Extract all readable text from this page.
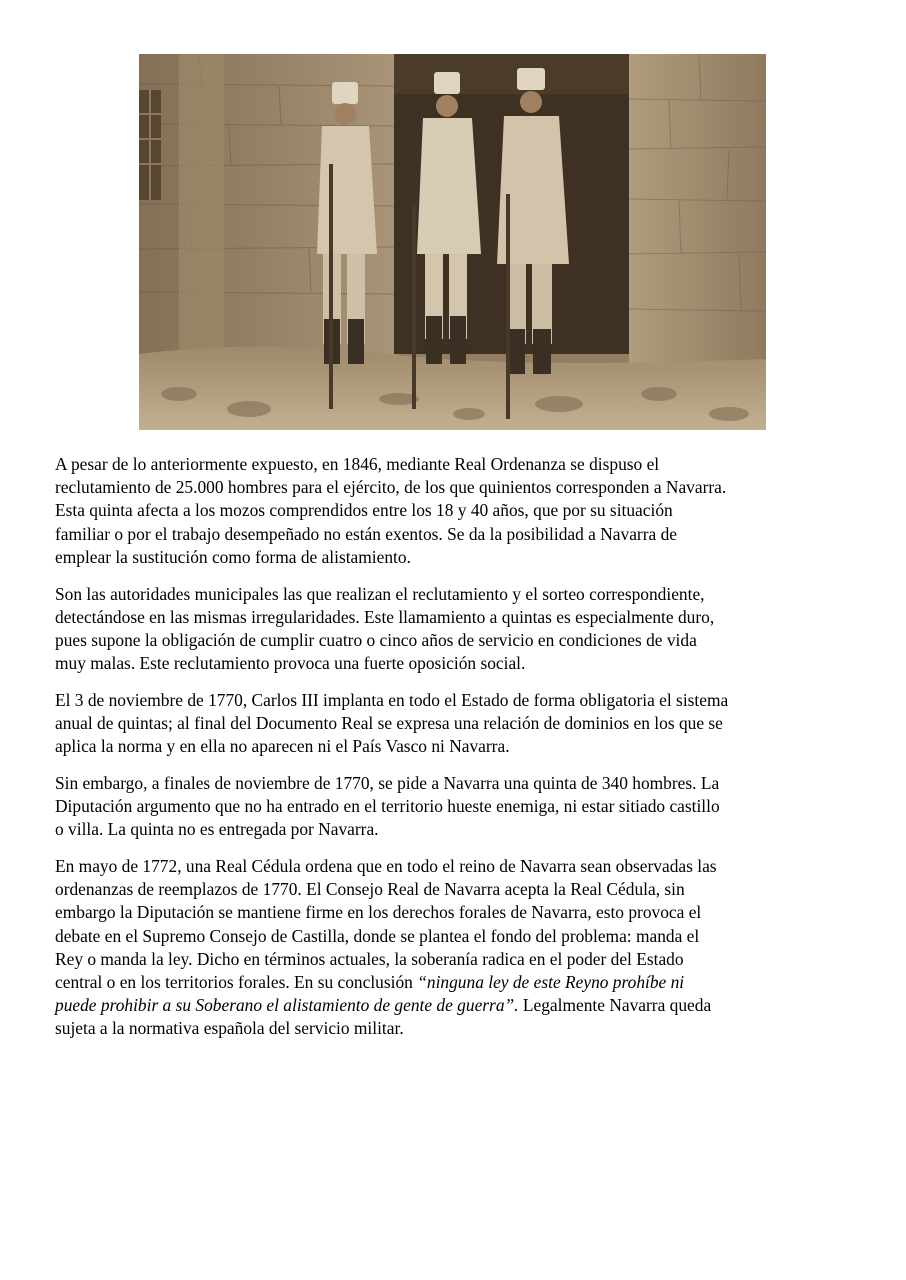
A pesar de lo anteriormente expuesto, en 1846, mediante Real Ordenanza se dispuso el
reclutamiento de 25.000 hombres para el ejército, de los que quinientos corresponden a Navarra.
Esta quinta afecta a los mozos comprendidos entre los 18 y 40 años, que por su situación
familiar o por el trabajo desempeñado no están exentos. Se da la posibilidad a Navarra de
emplear la sustitución como forma de alistamiento.

Son las autoridades municipales las que realizan el reclutamiento y el sorteo correspondiente,
detectándose en las mismas irregularidades. Este llamamiento a quintas es especialmente duro,
pues supone la obligación de cumplir cuatro o cinco años de servicio en condiciones de vida
muy malas. Este reclutamiento provoca una fuerte oposición social.

El 3 de noviembre de 1770, Carlos III implanta en todo el Estado de forma obligatoria el sistema
anual de quintas; al final del Documento Real se expresa una relación de dominios en los que se
aplica la norma y en ella no aparecen ni el País Vasco ni Navarra.

Sin embargo, a finales de noviembre de 1770, se pide a Navarra una quinta de 340 hombres. La
Diputación argumento que no ha entrado en el territorio hueste enemiga, ni estar sitiado castillo
o villa. La quinta no es entregada por Navarra.

En mayo de 1772, una Real Cédula ordena que en todo el reino de Navarra sean observadas las
ordenanzas de reemplazos de 1770. El Consejo Real de Navarra acepta la Real Cédula, sin
embargo la Diputación se mantiene firme en los derechos forales de Navarra, esto provoca el
debate en el Supremo Consejo de Castilla, donde se plantea el fondo del problema: manda el
Rey o manda la ley. Dicho en términos actuales, la soberanía radica en el poder del Estado
central o en los territorios forales. En su conclusión “ninguna ley de este Reyno prohíbe ni
puede prohibir a su Soberano el alistamiento de gente de guerra”. Legalmente Navarra queda
sujeta a la normativa española del servicio militar.
